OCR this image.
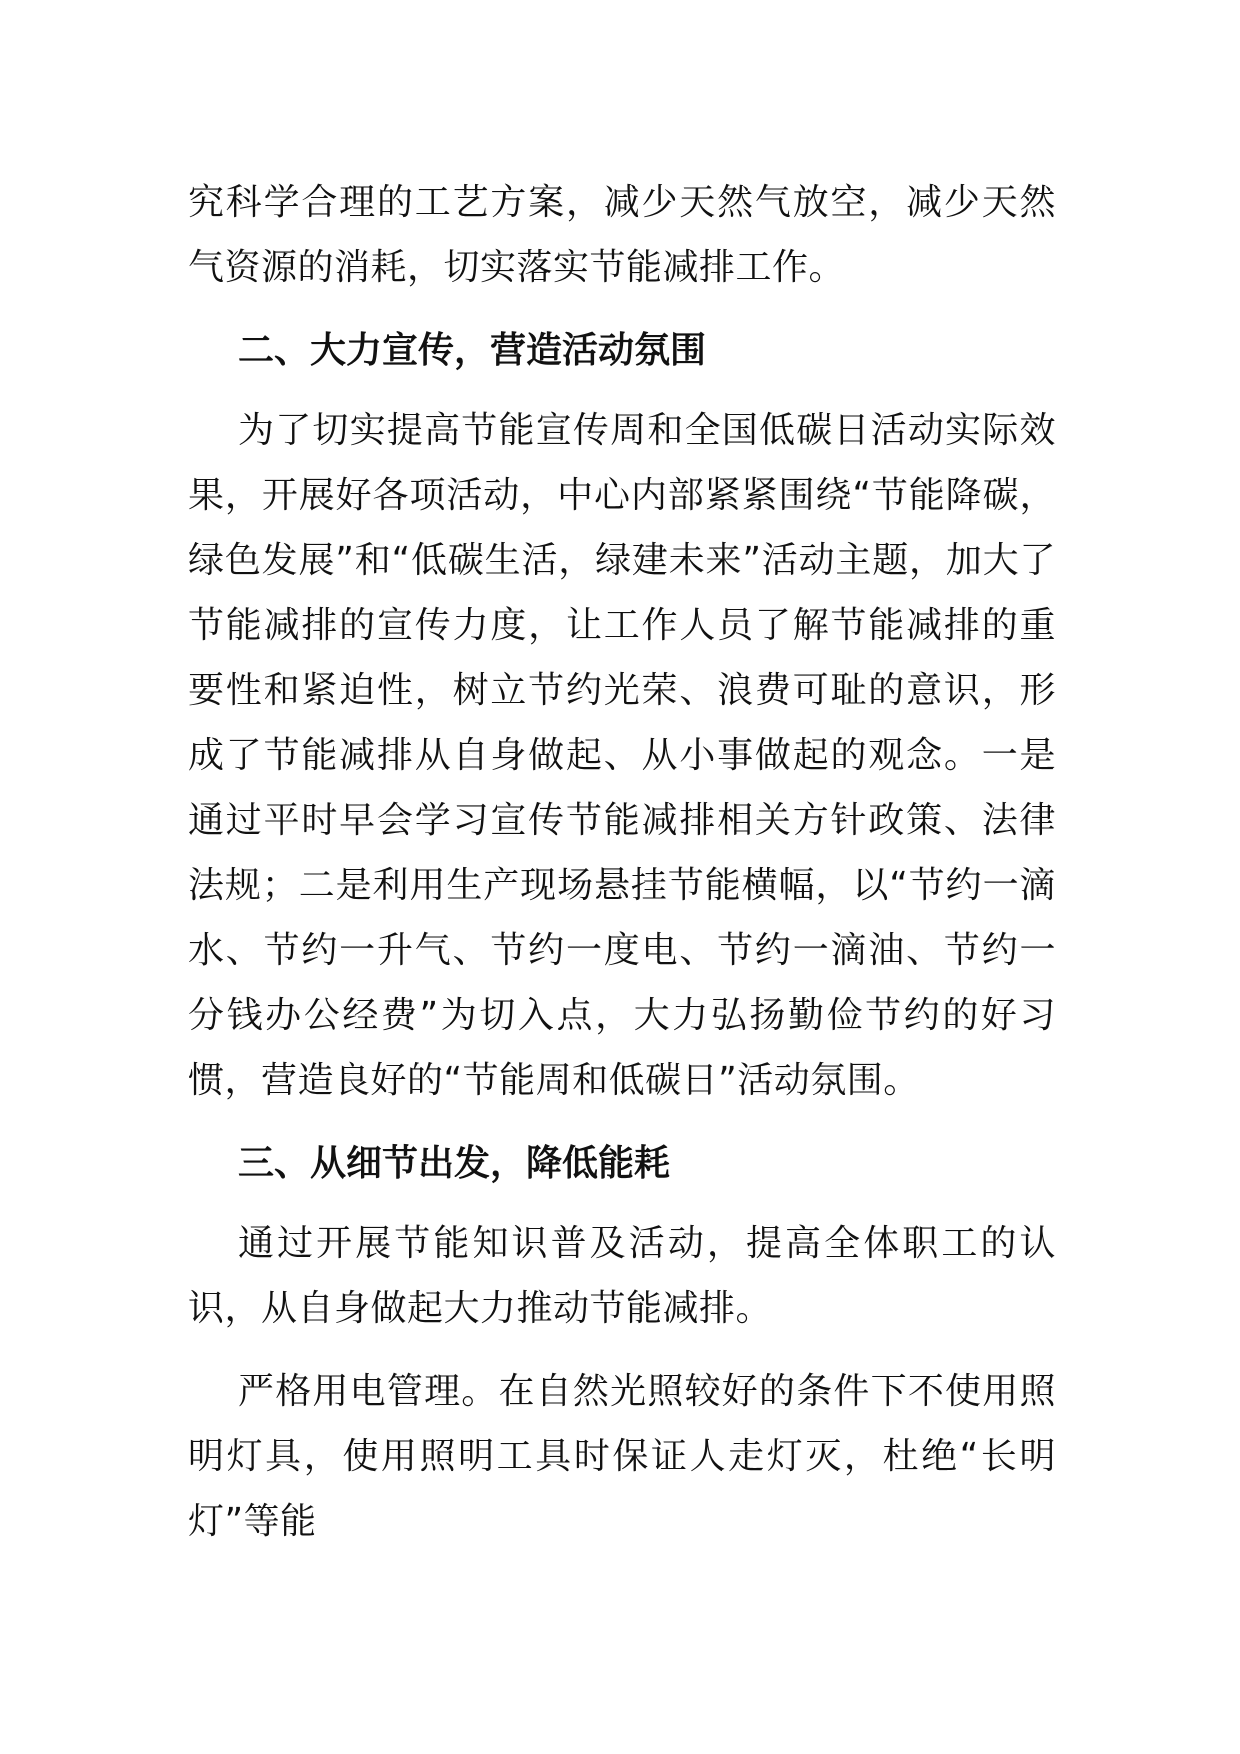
究科学合理的工艺方案，减少天然气放空，减少天然气资源的消耗，切实落实节能减排工作。

二、大力宣传，营造活动氛围

为了切实提高节能宣传周和全国低碳日活动实际效果，开展好各项活动，中心内部紧紧围绕“节能降碳，绿色发展”和“低碳生活，绿建未来”活动主题，加大了节能减排的宣传力度，让工作人员了解节能减排的重要性和紧迫性，树立节约光荣、浪费可耻的意识，形成了节能减排从自身做起、从小事做起的观念。一是通过平时早会学习宣传节能减排相关方针政策、法律法规；二是利用生产现场悬挂节能横幅，以“节约一滴水、节约一升气、节约一度电、节约一滴油、节约一分钱办公经费”为切入点，大力弘扬勤俭节约的好习惯，营造良好的“节能周和低碳日”活动氛围。

三、从细节出发，降低能耗

通过开展节能知识普及活动，提高全体职工的认识，从自身做起大力推动节能减排。

严格用电管理。在自然光照较好的条件下不使用照明灯具，使用照明工具时保证人走灯灭，杜绝“长明灯”等能
